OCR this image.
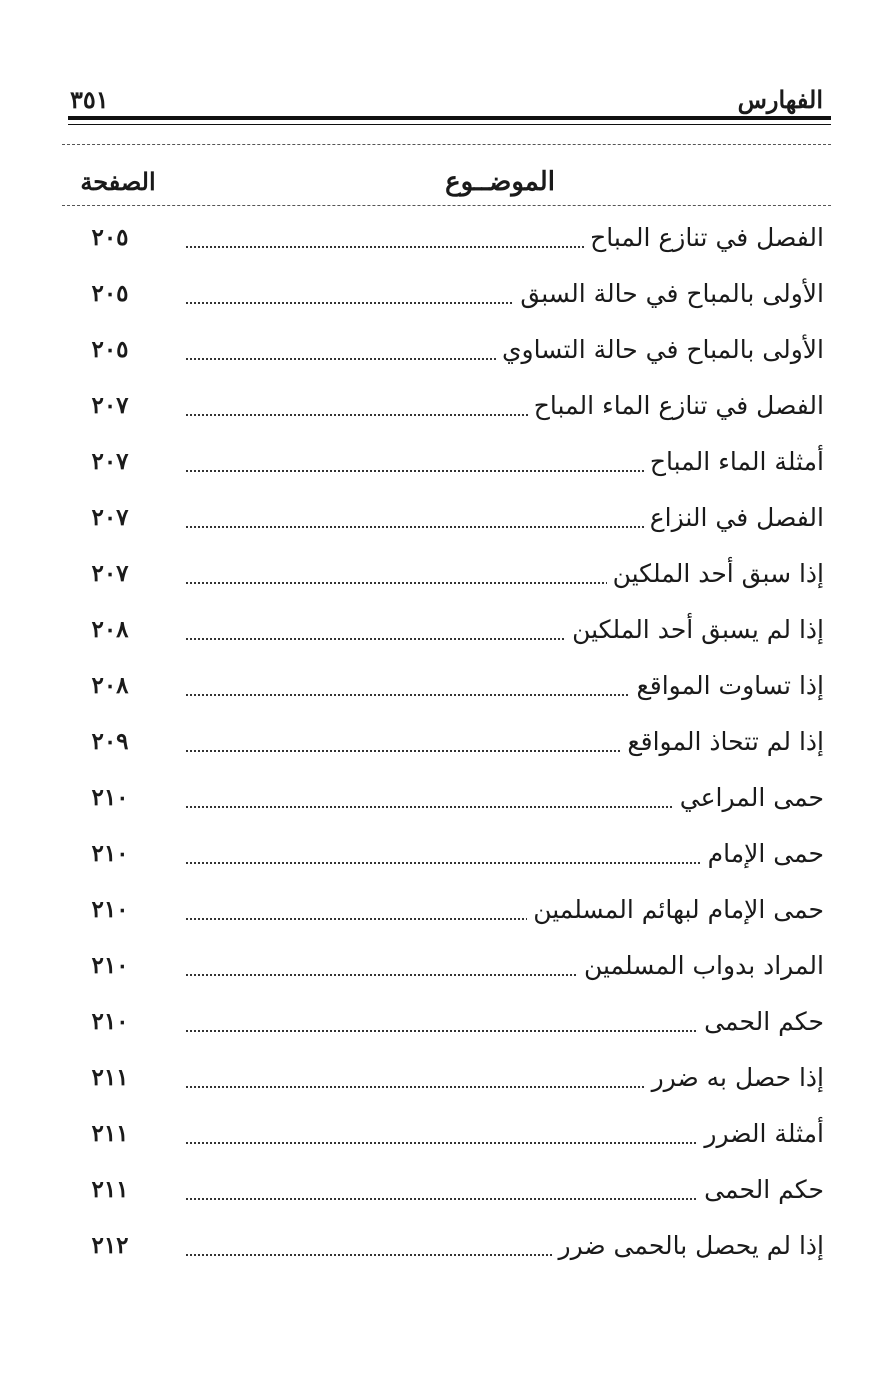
الفهارس
٣٥١
الموضــوع
الصفحة
الفصل في تنازع المباح
٢٠٥
الأولى بالمباح في حالة السبق
٢٠٥
الأولى بالمباح في حالة التساوي
٢٠٥
الفصل في تنازع الماء المباح
٢٠٧
أمثلة الماء المباح
٢٠٧
الفصل في النزاع
٢٠٧
إذا سبق أحد الملكين
٢٠٧
إذا لم يسبق أحد الملكين
٢٠٨
إذا تساوت المواقع
٢٠٨
إذا لم تتحاذ المواقع
٢٠٩
حمى المراعي
٢١٠
حمى الإمام
٢١٠
حمى الإمام لبهائم المسلمين
٢١٠
المراد بدواب المسلمين
٢١٠
حكم الحمى
٢١٠
إذا حصل به ضرر
٢١١
أمثلة الضرر
٢١١
حكم الحمى
٢١١
إذا لم يحصل بالحمى ضرر
٢١٢
